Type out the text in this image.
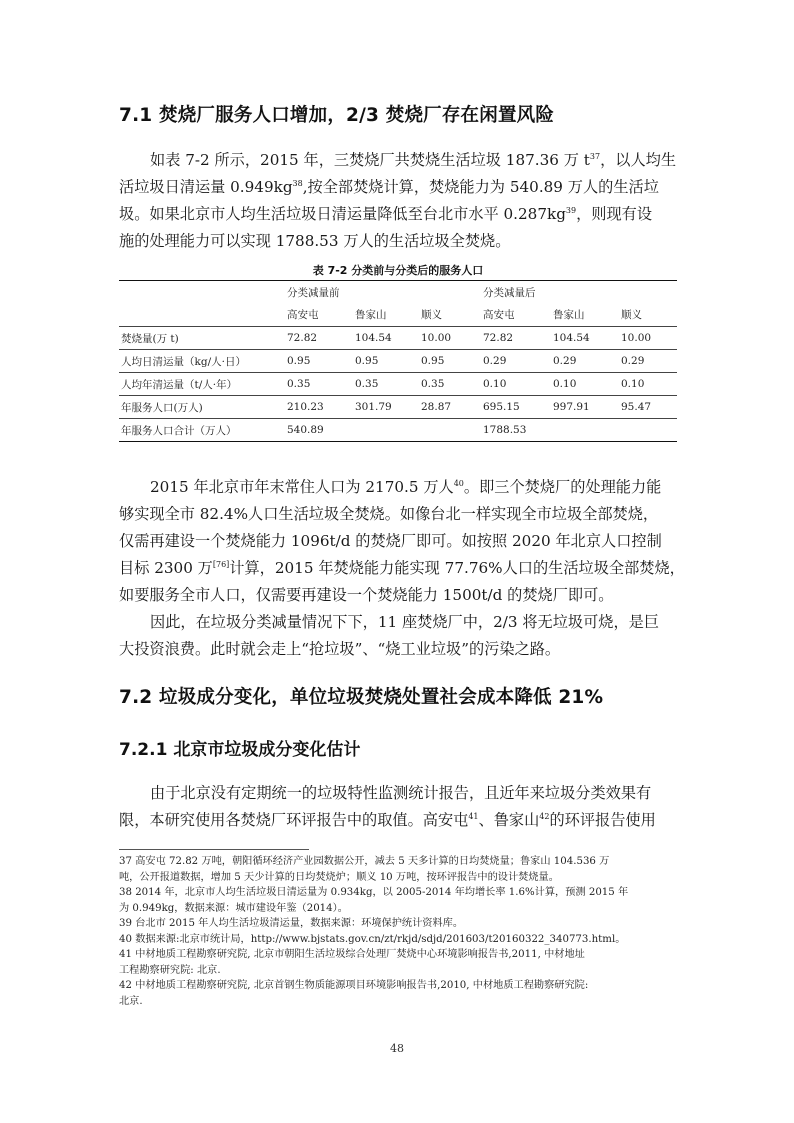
7.1 焚烧厂服务人口增加，2/3 焚烧厂存在闲置风险
如表 7-2 所示，2015 年，三焚烧厂共焚烧生活垃圾 187.36 万 $t^{37}$，以人均生
活垃圾日清运量 $0.949kg^{38}$,按全部焚烧计算，焚烧能力为 540.89 万人的生活垃
圾。如果北京市人均生活垃圾日清运量降低至台北市水平 $0.287kg^{39}$，则现有设
施的处理能力可以实现 1788.53 万人的生活垃圾全焚烧。
表 7-2 分类前与分类后的服务人口
	分类减量前			分类减量后		
	高安屯	鲁家山	顺义	高安屯	鲁家山	顺义
焚烧量(万 t)	72.82	104.54	10.00	72.82	104.54	10.00
人均日清运量（kg/人·日）	0.95	0.95	0.95	0.29	0.29	0.29
人均年清运量（t/人·年）	0.35	0.35	0.35	0.10	0.10	0.10
年服务人口(万人)	210.23	301.79	28.87	695.15	997.91	95.47
年服务人口合计（万人）	540.89			1788.53		
2015 年北京市年末常住人口为 2170.5 万人$^{40}$。即三个焚烧厂的处理能力能
够实现全市 82.4%人口生活垃圾全焚烧。如像台北一样实现全市垃圾全部焚烧，
仅需再建设一个焚烧能力 1096t/d 的焚烧厂即可。如按照 2020 年北京人口控制
目标 2300 万[76]计算，2015 年焚烧能力能实现 77.76%人口的生活垃圾全部焚烧，
如要服务全市人口，仅需要再建设一个焚烧能力 1500t/d 的焚烧厂即可。
因此，在垃圾分类减量情况下下，11 座焚烧厂中，2/3 将无垃圾可烧，是巨
大投资浪费。此时就会走上“抢垃圾”、“烧工业垃圾”的污染之路。
7.2 垃圾成分变化，单位垃圾焚烧处置社会成本降低 21%
7.2.1 北京市垃圾成分变化估计
由于北京没有定期统一的垃圾特性监测统计报告，且近年来垃圾分类效果有
限，本研究使用各焚烧厂环评报告中的取值。高安屯$^{41}$、鲁家山$^{42}$的环评报告使用
37 高安屯 72.82 万吨，朝阳循环经济产业园数据公开，减去 5 天多计算的日均焚烧量；鲁家山 104.536 万
吨，公开报道数据，增加 5 天少计算的日均焚烧炉；顺义 10 万吨，按环评报告中的设计焚烧量。
38 2014 年，北京市人均生活垃圾日清运量为 0.934kg，以 2005-2014 年均增长率 1.6%计算，预测 2015 年
为 0.949kg，数据来源：城市建设年鉴（2014）。
39 台北市 2015 年人均生活垃圾清运量，数据来源：环境保护统计资料库。
40 数据来源:北京市统计局，http://www.bjstats.gov.cn/zt/rkjd/sdjd/201603/t20160322_340773.html。
41 中材地质工程勘察研究院, 北京市朝阳生活垃圾综合处理厂焚烧中心环境影响报告书,2011, 中材地址
工程勘察研究院: 北京.
42 中材地质工程勘察研究院, 北京首钢生物质能源项目环境影响报告书,2010, 中材地质工程勘察研究院:
北京.
48
